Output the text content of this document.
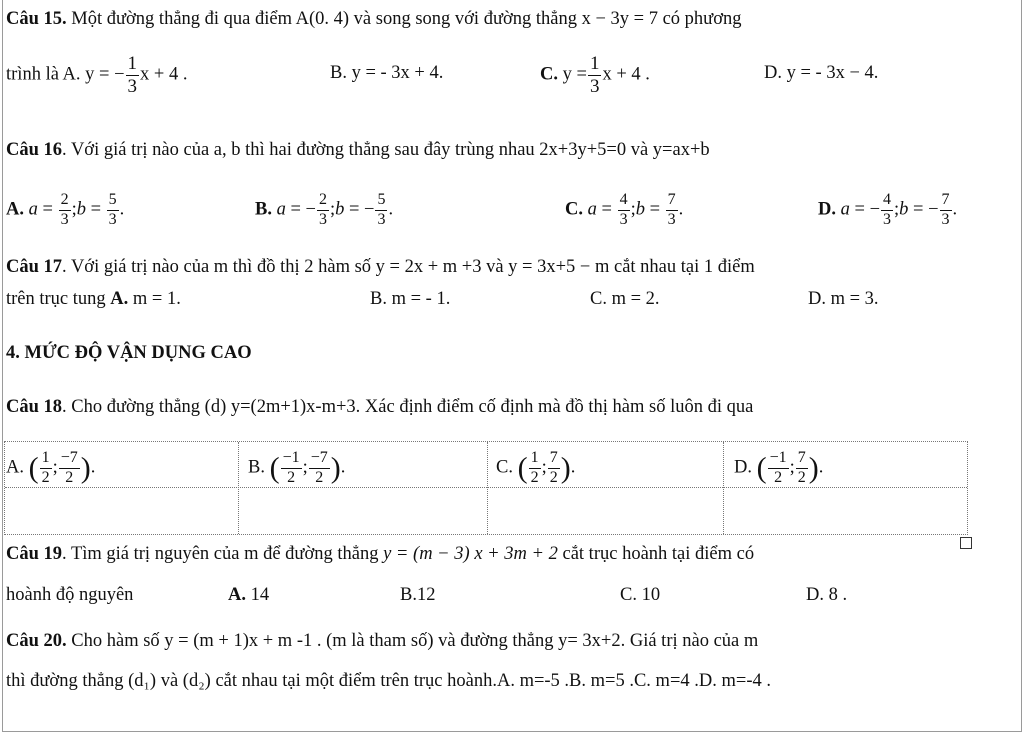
Câu 15. Một đường thẳng đi qua điểm A(0. 4) và song song với đường thẳng x − 3y = 7 có phương
trình là A. y = − $\frac{1}{3}$ x + 4 .	B. y = - 3x + 4.	C. $y = \frac{1}{3}$ x + 4 .	D. y = - 3x − 4.
Câu 16. Với giá trị nào của a, b thì hai đường thẳng sau đây trùng nhau 2x+3y+5=0 và y=ax+b
A. $a = \frac{2}{3}$ ;b = $\frac{5}{3}$ .	B. a = − $\frac{2}{3}$ ;b = − $\frac{5}{3}$ .	C. $a = \frac{4}{3}$ ;b = $\frac{7}{3}$ .	D. a = − $\frac{4}{3}$ ;b = − $\frac{7}{3}$ .
Câu 17. Với giá trị nào của m thì đồ thị 2 hàm số y = 2x + m +3 và y = 3x+5 − m cắt nhau tại 1 điểm
trên trục tung A. m = 1.	B. m = - 1.	C. m = 2.	D. m = 3.
4. MỨC ĐỘ VẬN DỤNG CAO
Câu 18. Cho đường thẳng (d) y=(2m+1)x-m+3. Xác định điểm cố định mà đồ thị hàm số luôn đi qua
A. ( $\frac{1}{2}$ ; $\frac{-7}{2}$ ).	B. ( $\frac{-1}{2}$ ; $\frac{-7}{2}$ ).	C. ( $\frac{1}{2}$ ; $\frac{7}{2}$ ).	D. ( $\frac{-1}{2}$ ; $\frac{7}{2}$ ).
Câu 19. Tìm giá trị nguyên của m để đường thẳng y = (m − 3) x + 3m + 2 cắt trục hoành tại điểm có
hoành độ nguyên	A. 14	B.12	C. 10	D. 8 .
Câu 20. Cho hàm số y = (m + 1)x + m -1 . (m là tham số) và đường thẳng y= 3x+2. Giá trị nào của m
thì đường thẳng (d₁) và (d₂) cắt nhau tại một điểm trên trục hoành.A. m=-5 .B. m=5 .C. m=4 .D. m=-4 .
